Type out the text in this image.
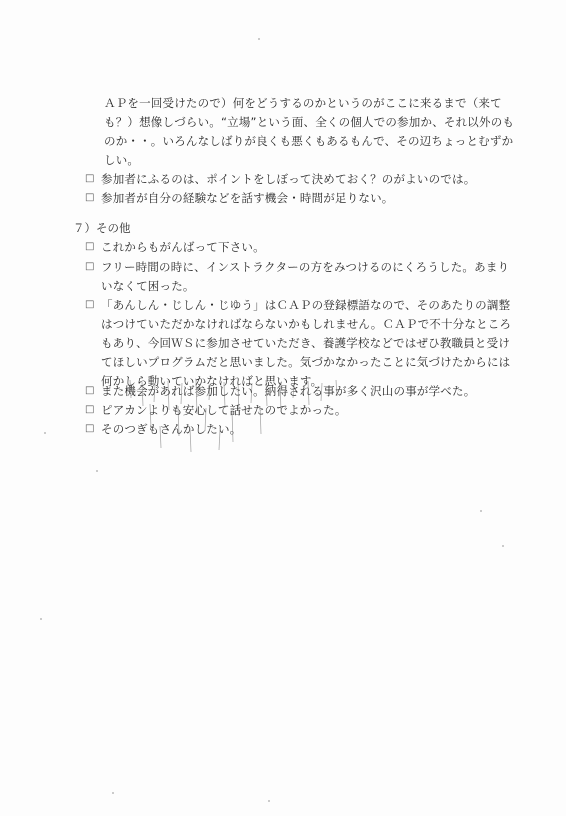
ＡＰを一回受けたので）何をどうするのかというのがここに来るまで（来て
も？）想像しづらい。“立場”という面、全くの個人での参加か、それ以外のも
のか・・。いろんなしばりが良くも悪くもあるもんで、その辺ちょっとむずか
しい。
□ 参加者にふるのは、ポイントをしぼって決めておく？のがよいのでは。
□ 参加者が自分の経験などを話す機会・時間が足りない。
７）その他
□ これからもがんばって下さい。
□ フリー時間の時に、インストラクターの方をみつけるのにくろうした。あまり
いなくて困った。
□ 「あんしん・じしん・じゆう」はＣＡＰの登録標語なので、そのあたりの調整
はつけていただかなければならないかもしれません。ＣＡＰで不十分なところ
もあり、今回ＷＳに参加させていただき、養護学校などではぜひ教職員と受け
てほしいプログラムだと思いました。気づかなかったことに気づけたからには
何かしら動いていかなければと思います。
□ また機会があれば参加したい。納得される事が多く沢山の事が学べた。
□ ピアカンよりも安心して話せたのでよかった。
□ そのつぎもさんかしたい。
